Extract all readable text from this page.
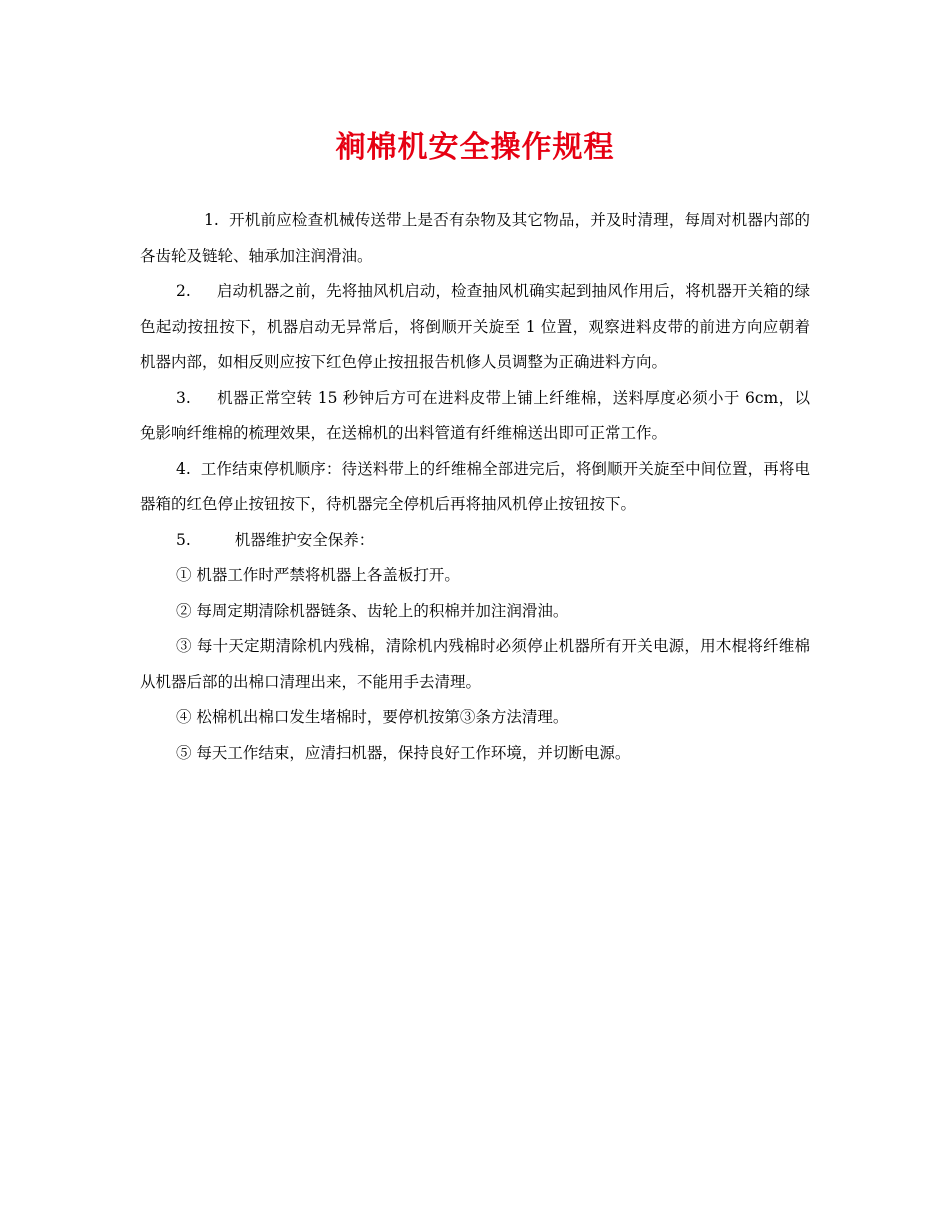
裥棉机安全操作规程

1. 开机前应检查机械传送带上是否有杂物及其它物品，并及时清理，每周对机器内部的各齿轮及链轮、轴承加注润滑油。

2. 启动机器之前，先将抽风机启动，检查抽风机确实起到抽风作用后，将机器开关箱的绿色起动按扭按下，机器启动无异常后，将倒顺开关旋至 1 位置，观察进料皮带的前进方向应朝着机器内部，如相反则应按下红色停止按扭报告机修人员调整为正确进料方向。

3. 机器正常空转 15 秒钟后方可在进料皮带上铺上纤维棉，送料厚度必须小于 6cm，以免影响纤维棉的梳理效果，在送棉机的出料管道有纤维棉送出即可正常工作。

4. 工作结束停机顺序：待送料带上的纤维棉全部进完后，将倒顺开关旋至中间位置，再将电器箱的红色停止按钮按下，待机器完全停机后再将抽风机停止按钮按下。

5.	机器维护安全保养：

① 机器工作时严禁将机器上各盖板打开。

② 每周定期清除机器链条、齿轮上的积棉并加注润滑油。

③ 每十天定期清除机内残棉，清除机内残棉时必须停止机器所有开关电源，用木棍将纤维棉从机器后部的出棉口清理出来，不能用手去清理。

④ 松棉机出棉口发生堵棉时，要停机按第③条方法清理。

⑤ 每天工作结束，应清扫机器，保持良好工作环境，并切断电源。
